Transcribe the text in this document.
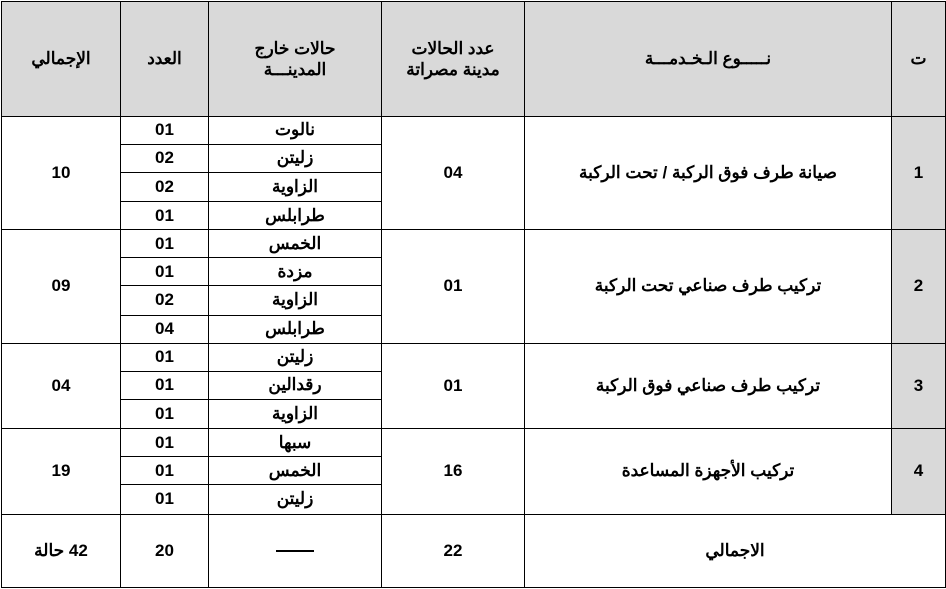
الإجمالي	العدد	حالات خارج المدينـــة	عدد الحالات مدينة مصراتة	نـــــوع الـخـدمـــة	ت
10	01	نالوت	04	صيانة طرف فوق الركبة / تحت الركبة	1
	02	زليتن			
	02	الزاوية			
	01	طرابلس			
09	01	الخمس	01	تركيب طرف صناعي تحت الركبة	2
	01	مزدة			
	02	الزاوية			
	04	طرابلس			
04	01	زليتن	01	تركيب طرف صناعي فوق الركبة	3
	01	رقدالين			
	01	الزاوية			
19	01	سبها	16	تركيب الأجهزة المساعدة	4
	01	الخمس			
	01	زليتن			
42 حالة	20		22	الاجمالي	
